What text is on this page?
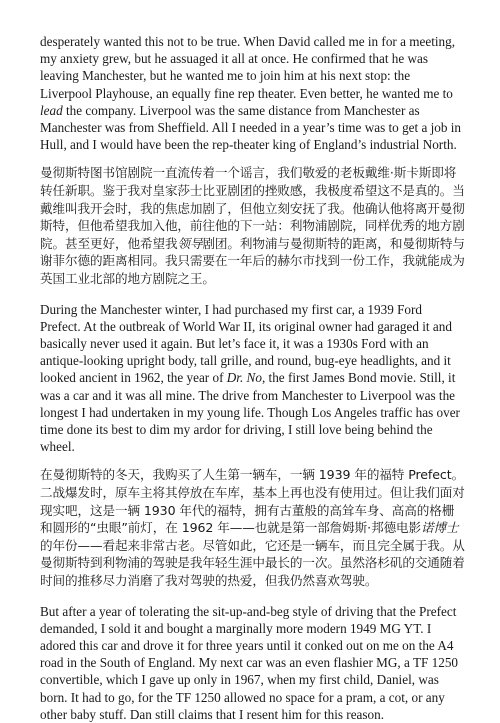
desperately wanted this not to be true. When David called me in for a meeting, my anxiety grew, but he assuaged it all at once. He confirmed that he was leaving Manchester, but he wanted me to join him at his next stop: the Liverpool Playhouse, an equally fine rep theater. Even better, he wanted me to lead the company. Liverpool was the same distance from Manchester as Manchester was from Sheffield. All I needed in a year’s time was to get a job in Hull, and I would have been the rep-theater king of England’s industrial North.

曼彻斯特图书馆剧院一直流传着一个谣言，我们敬爱的老板戴维·斯卡斯即将转任新职。鉴于我对皇家莎士比亚剧团的挫败感，我极度希望这不是真的。当戴维叫我开会时，我的焦虑加剧了，但他立刻安抚了我。他确认他将离开曼彻斯特，但他希望我加入他，前往他的下一站：利物浦剧院，同样优秀的地方剧院。甚至更好，他希望我领导剧团。利物浦与曼彻斯特的距离，和曼彻斯特与谢菲尔德的距离相同。我只需要在一年后的赫尔市找到一份工作，我就能成为英国工业北部的地方剧院之王。

During the Manchester winter, I had purchased my first car, a 1939 Ford Prefect. At the outbreak of World War II, its original owner had garaged it and basically never used it again. But let’s face it, it was a 1930s Ford with an antique-looking upright body, tall grille, and round, bug-eye headlights, and it looked ancient in 1962, the year of Dr. No, the first James Bond movie. Still, it was a car and it was all mine. The drive from Manchester to Liverpool was the longest I had undertaken in my young life. Though Los Angeles traffic has over time done its best to dim my ardor for driving, I still love being behind the wheel.

在曼彻斯特的冬天，我购买了人生第一辆车，一辆 1939 年的福特 Prefect。二战爆发时，原车主将其停放在车库，基本上再也没有使用过。但让我们面对现实吧，这是一辆 1930 年代的福特，拥有古董般的高耸车身、高高的格栅和圆形的“虫眼”前灯，在 1962 年——也就是第一部詹姆斯·邦德电影诺博士的年份——看起来非常古老。尽管如此，它还是一辆车，而且完全属于我。从曼彻斯特到利物浦的驾驶是我年轻生涯中最长的一次。虽然洛杉矶的交通随着时间的推移尽力消磨了我对驾驶的热爱，但我仍然喜欢驾驶。

But after a year of tolerating the sit-up-and-beg style of driving that the Prefect demanded, I sold it and bought a marginally more modern 1949 MG YT. I adored this car and drove it for three years until it conked out on me on the A4 road in the South of England. My next car was an even flashier MG, a TF 1250 convertible, which I gave up only in 1967, when my first child, Daniel, was born. It had to go, for the TF 1250 allowed no space for a pram, a cot, or any other baby stuff. Dan still claims that I resent him for this reason.
